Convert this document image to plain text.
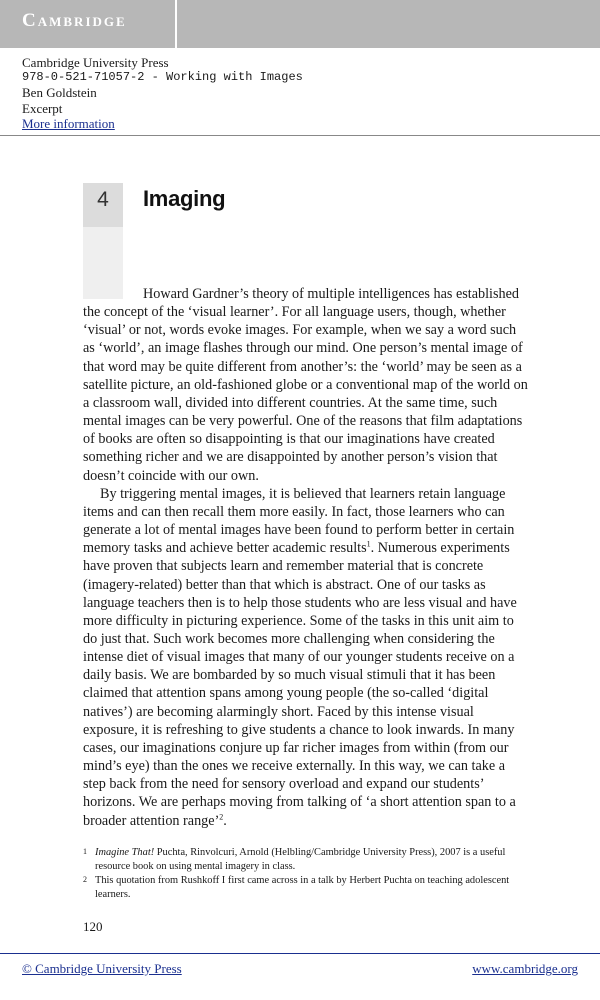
Cambridge
Cambridge University Press
978-0-521-71057-2 - Working with Images
Ben Goldstein
Excerpt
More information
4	Imaging

Howard Gardner’s theory of multiple intelligences has established the concept of the ‘visual learner’. For all language users, though, whether ‘visual’ or not, words evoke images. For example, when we say a word such as ‘world’, an image flashes through our mind. One person’s mental image of that word may be quite different from another’s: the ‘world’ may be seen as a satellite picture, an old-fashioned globe or a conventional map of the world on a classroom wall, divided into different countries. At the same time, such mental images can be very powerful. One of the reasons that film adaptations of books are often so disappointing is that our imaginations have created something richer and we are disappointed by another person’s vision that doesn’t coincide with our own.

By triggering mental images, it is believed that learners retain language items and can then recall them more easily. In fact, those learners who can generate a lot of mental images have been found to perform better in certain memory tasks and achieve better academic results$^1$. Numerous experiments have proven that subjects learn and remember material that is concrete (imagery-related) better than that which is abstract. One of our tasks as language teachers then is to help those students who are less visual and have more difficulty in picturing experience. Some of the tasks in this unit aim to do just that. Such work becomes more challenging when considering the intense diet of visual images that many of our younger students receive on a daily basis. We are bombarded by so much visual stimuli that it has been claimed that attention spans among young people (the so-called ‘digital natives’) are becoming alarmingly short. Faced by this intense visual exposure, it is refreshing to give students a chance to look inwards. In many cases, our imaginations conjure up far richer images from within (from our mind’s eye) than the ones we receive externally. In this way, we can take a step back from the need for sensory overload and expand our students’ horizons. We are perhaps moving from talking of ‘a short attention span to a broader attention range’$^2$.

1 Imagine That! Puchta, Rinvolcuri, Arnold (Helbling/Cambridge University Press), 2007 is a useful resource book on using mental imagery in class.
2 This quotation from Rushkoff I first came across in a talk by Herbert Puchta on teaching adolescent learners.
120
© Cambridge University Press	www.cambridge.org
